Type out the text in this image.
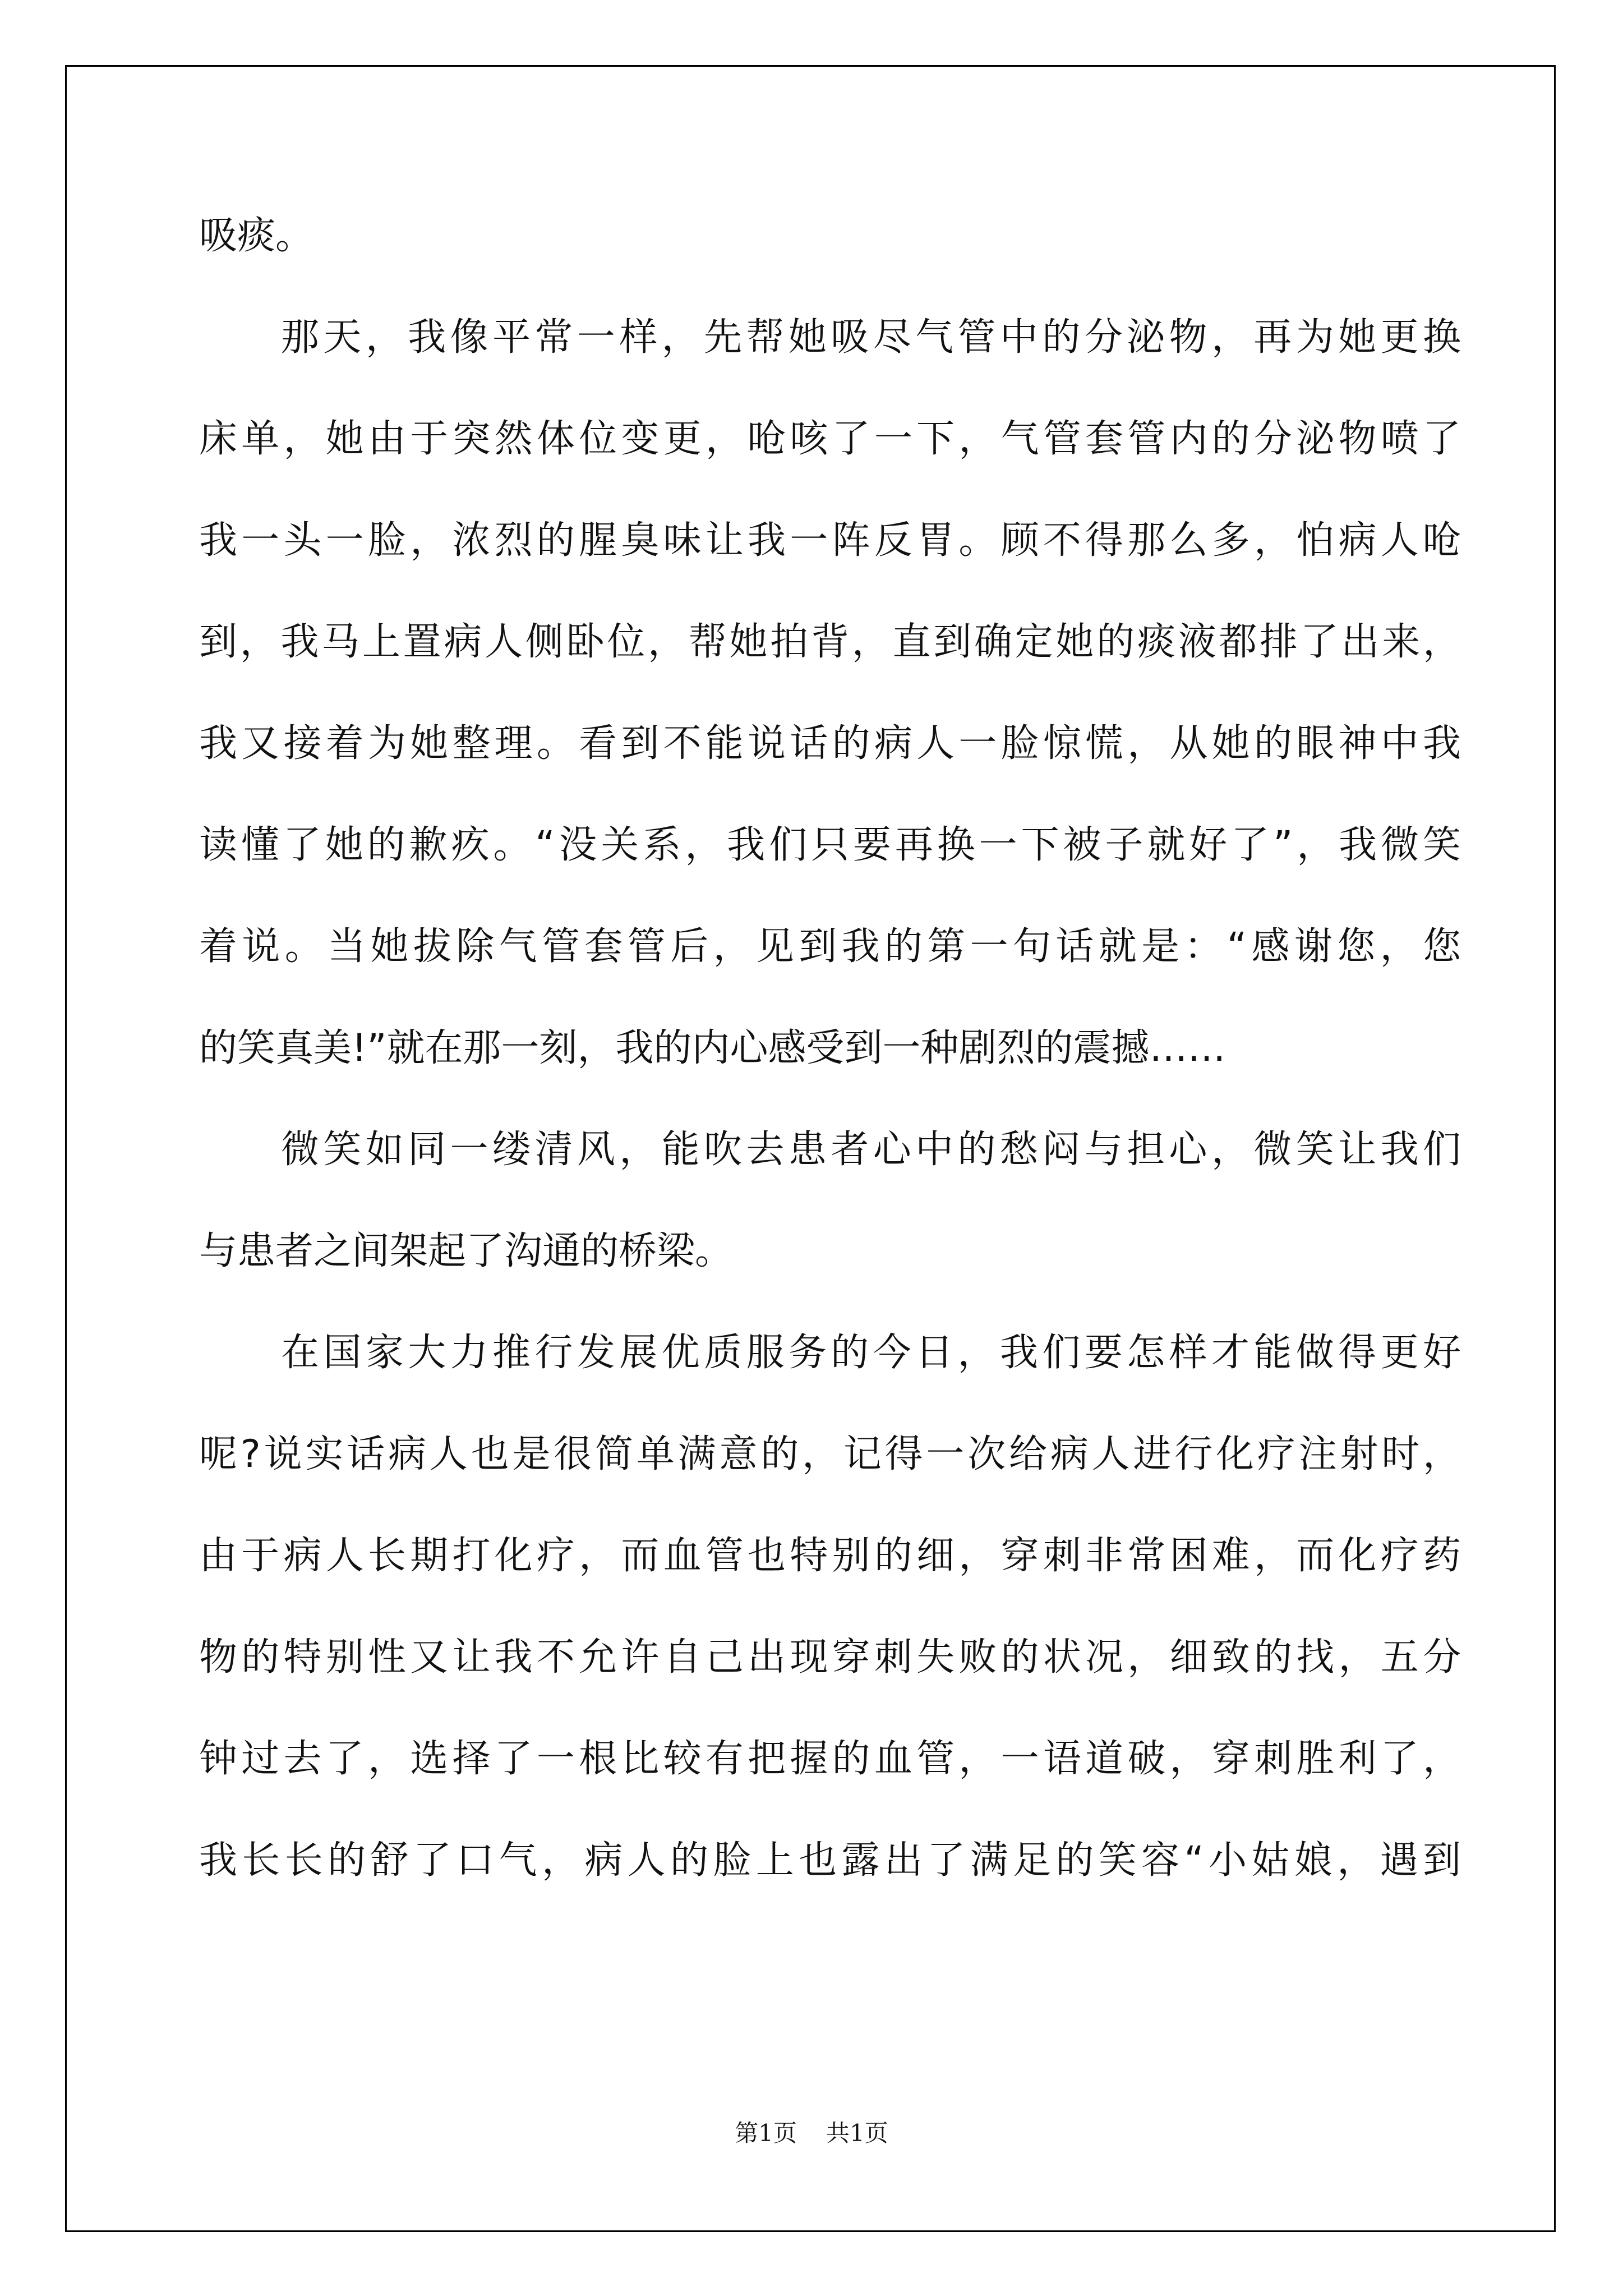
吸痰。

那天，我像平常一样，先帮她吸尽气管中的分泌物，再为她更换
床单，她由于突然体位变更，呛咳了一下，气管套管内的分泌物喷了
我一头一脸，浓烈的腥臭味让我一阵反胃。顾不得那么多，怕病人呛
到，我马上置病人侧卧位，帮她拍背，直到确定她的痰液都排了出来，
我又接着为她整理。看到不能说话的病人一脸惊慌，从她的眼神中我
读懂了她的歉疚。“没关系，我们只要再换一下被子就好了”，我微笑
着说。当她拔除气管套管后，见到我的第一句话就是：“感谢您，您
的笑真美!”就在那一刻，我的内心感受到一种剧烈的震撼……

微笑如同一缕清风，能吹去患者心中的愁闷与担心，微笑让我们
与患者之间架起了沟通的桥梁。

在国家大力推行发展优质服务的今日，我们要怎样才能做得更好
呢?说实话病人也是很简单满意的，记得一次给病人进行化疗注射时，
由于病人长期打化疗，而血管也特别的细，穿刺非常困难，而化疗药
物的特别性又让我不允许自己出现穿刺失败的状况，细致的找，五分
钟过去了，选择了一根比较有把握的血管，一语道破，穿刺胜利了，
我长长的舒了口气，病人的脸上也露出了满足的笑容“小姑娘，遇到

第1页 共1页
